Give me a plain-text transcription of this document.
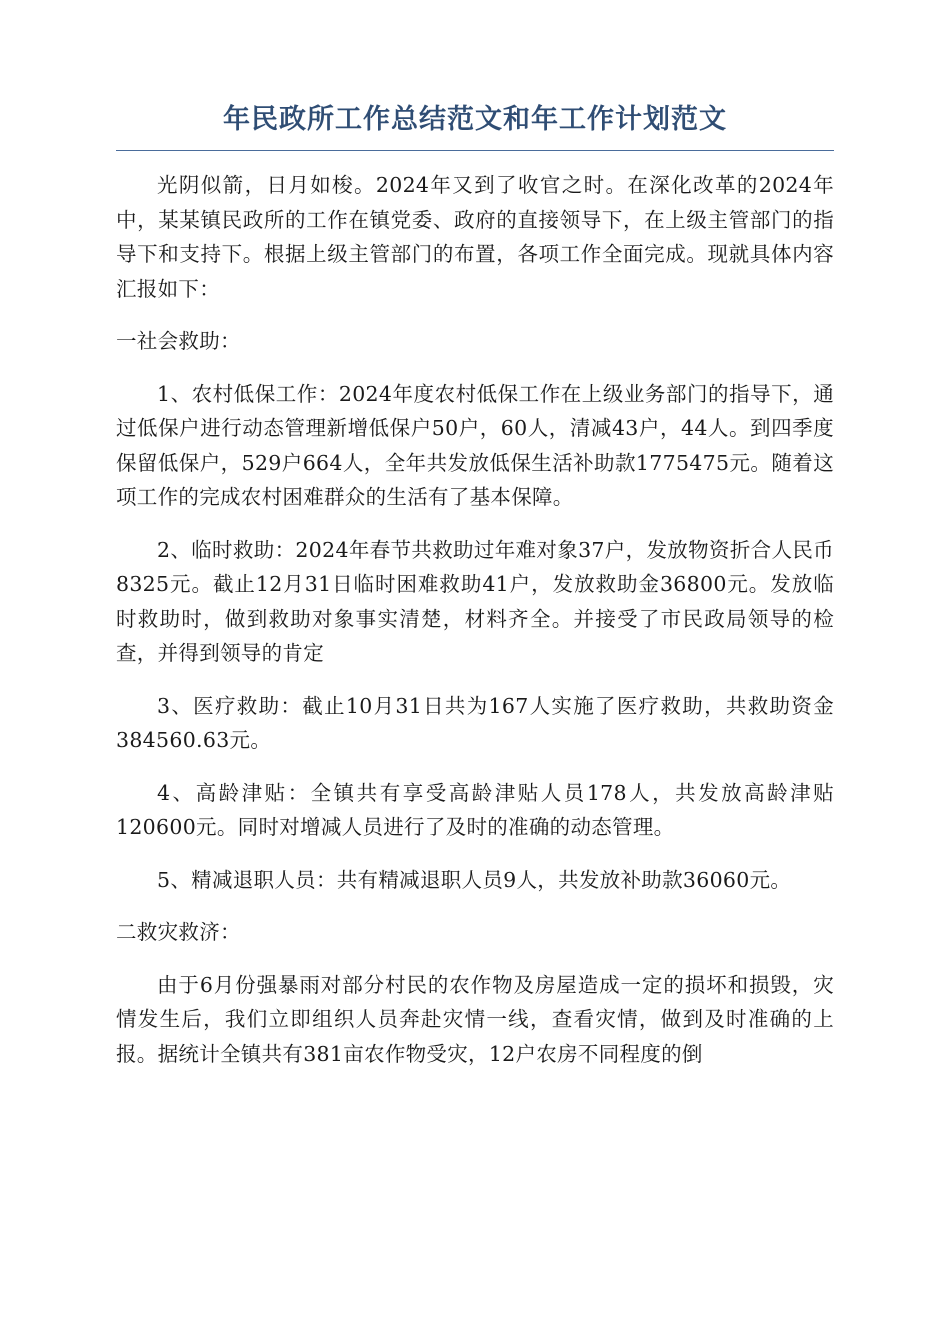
年民政所工作总结范文和年工作计划范文

光阴似箭，日月如梭。2024年又到了收官之时。在深化改革的2024年中，某某镇民政所的工作在镇党委、政府的直接领导下，在上级主管部门的指导下和支持下。根据上级主管部门的布置，各项工作全面完成。现就具体内容汇报如下：

一社会救助：

1、农村低保工作：2024年度农村低保工作在上级业务部门的指导下，通过低保户进行动态管理新增低保户50户，60人，清减43户，44人。到四季度保留低保户，529户664人，全年共发放低保生活补助款1775475元。随着这项工作的完成农村困难群众的生活有了基本保障。

2、临时救助：2024年春节共救助过年难对象37户，发放物资折合人民币8325元。截止12月31日临时困难救助41户，发放救助金36800元。发放临时救助时，做到救助对象事实清楚，材料齐全。并接受了市民政局领导的检查，并得到领导的肯定

3、医疗救助：截止10月31日共为167人实施了医疗救助，共救助资金384560.63元。

4、高龄津贴：全镇共有享受高龄津贴人员178人，共发放高龄津贴120600元。同时对增减人员进行了及时的准确的动态管理。

5、精减退职人员：共有精减退职人员9人，共发放补助款36060元。

二救灾救济：

由于6月份强暴雨对部分村民的农作物及房屋造成一定的损坏和损毁，灾情发生后，我们立即组织人员奔赴灾情一线，查看灾情，做到及时准确的上报。据统计全镇共有381亩农作物受灾，12户农房不同程度的倒
